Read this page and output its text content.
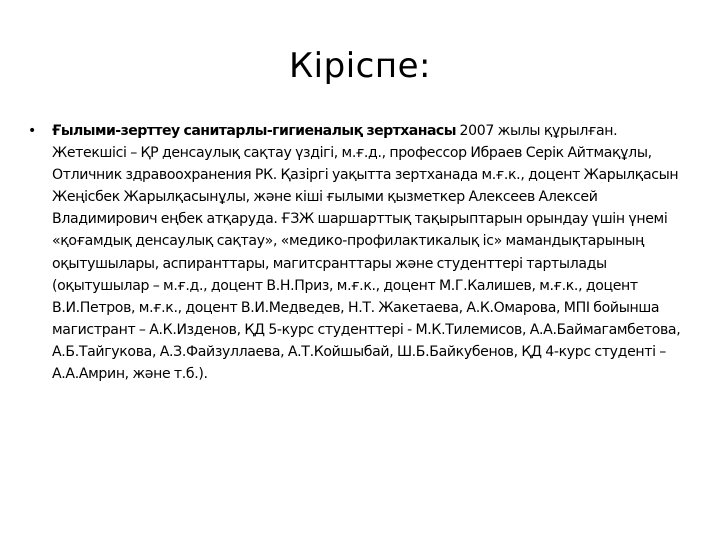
Кіріспе:

• Ғылыми-зерттеу санитарлы-гигиеналық зертханасы 2007 жылы құрылған. Жетекшісі – ҚР денсаулық сақтау үздігі, м.ғ.д., профессор Ибраев Серік Айтмақұлы, Отличник здравоохранения РК. Қазіргі уақытта зертханада м.ғ.к., доцент Жарылқасын Жеңісбек Жарылқасынұлы, және кіші ғылыми қызметкер Алексеев Алексей Владимирович еңбек атқаруда. ҒЗЖ шаршарттық тақырыптарын орындау үшін үнемі «қоғамдық денсаулық сақтау», «медико-профилактикалық іс» мамандықтарының оқытушылары, аспиранттары, магитсранттары және студенттері тартылады (оқытушылар – м.ғ.д., доцент В.Н.Приз, м.ғ.к., доцент М.Г.Калишев, м.ғ.к., доцент В.И.Петров, м.ғ.к., доцент В.И.Медведев, Н.Т. Жакетаева, А.К.Омарова, МПІ бойынша магистрант – А.К.Изденов, ҚД 5-курс студенттері - М.К.Тилемисов, А.А.Баймагамбетова, А.Б.Тайгукова, А.З.Файзуллаева, А.Т.Койшыбай, Ш.Б.Байкубенов, ҚД 4-курс студенті – А.А.Амрин, және т.б.).
